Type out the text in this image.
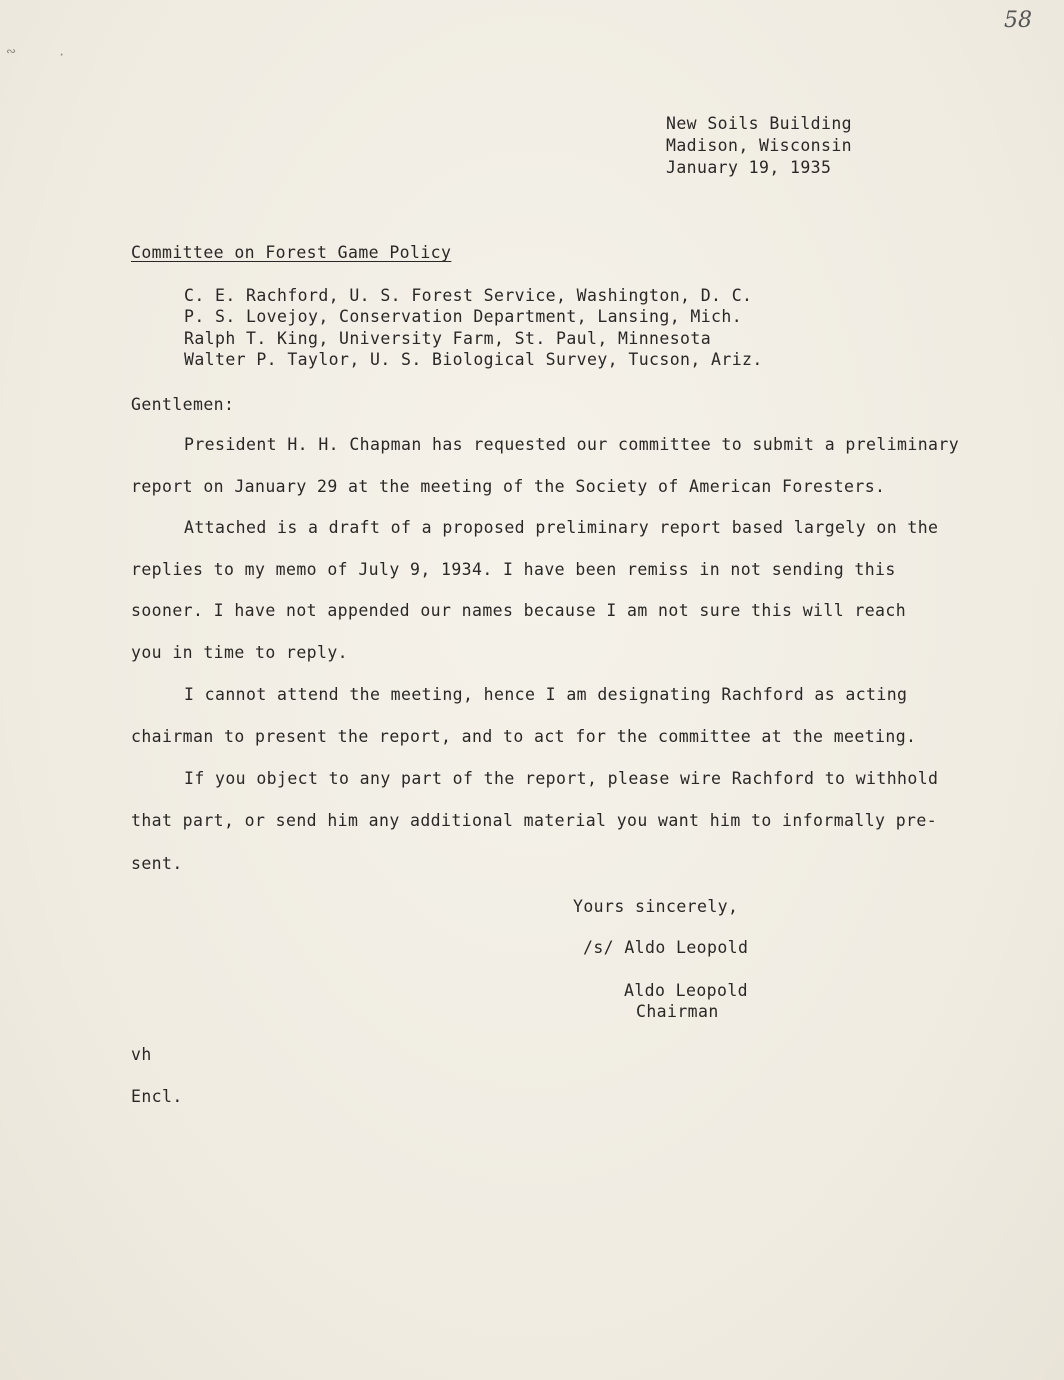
58
∾	·
New Soils Building
Madison, Wisconsin
January 19, 1935
Committee on Forest Game Policy
C. E. Rachford, U. S. Forest Service, Washington, D. C.
P. S. Lovejoy, Conservation Department, Lansing, Mich.
Ralph T. King, University Farm, St. Paul, Minnesota
Walter P. Taylor, U. S. Biological Survey, Tucson, Ariz.
Gentlemen:
President H. H. Chapman has requested our committee to submit a preliminary
report on January 29 at the meeting of the Society of American Foresters.
Attached is a draft of a proposed preliminary report based largely on the
replies to my memo of July 9, 1934. I have been remiss in not sending this
sooner. I have not appended our names because I am not sure this will reach
you in time to reply.
I cannot attend the meeting, hence I am designating Rachford as acting
chairman to present the report, and to act for the committee at the meeting.
If you object to any part of the report, please wire Rachford to withhold
that part, or send him any additional material you want him to informally pre-
sent.
Yours sincerely,
/s/ Aldo Leopold
Aldo Leopold
Chairman
vh
Encl.
